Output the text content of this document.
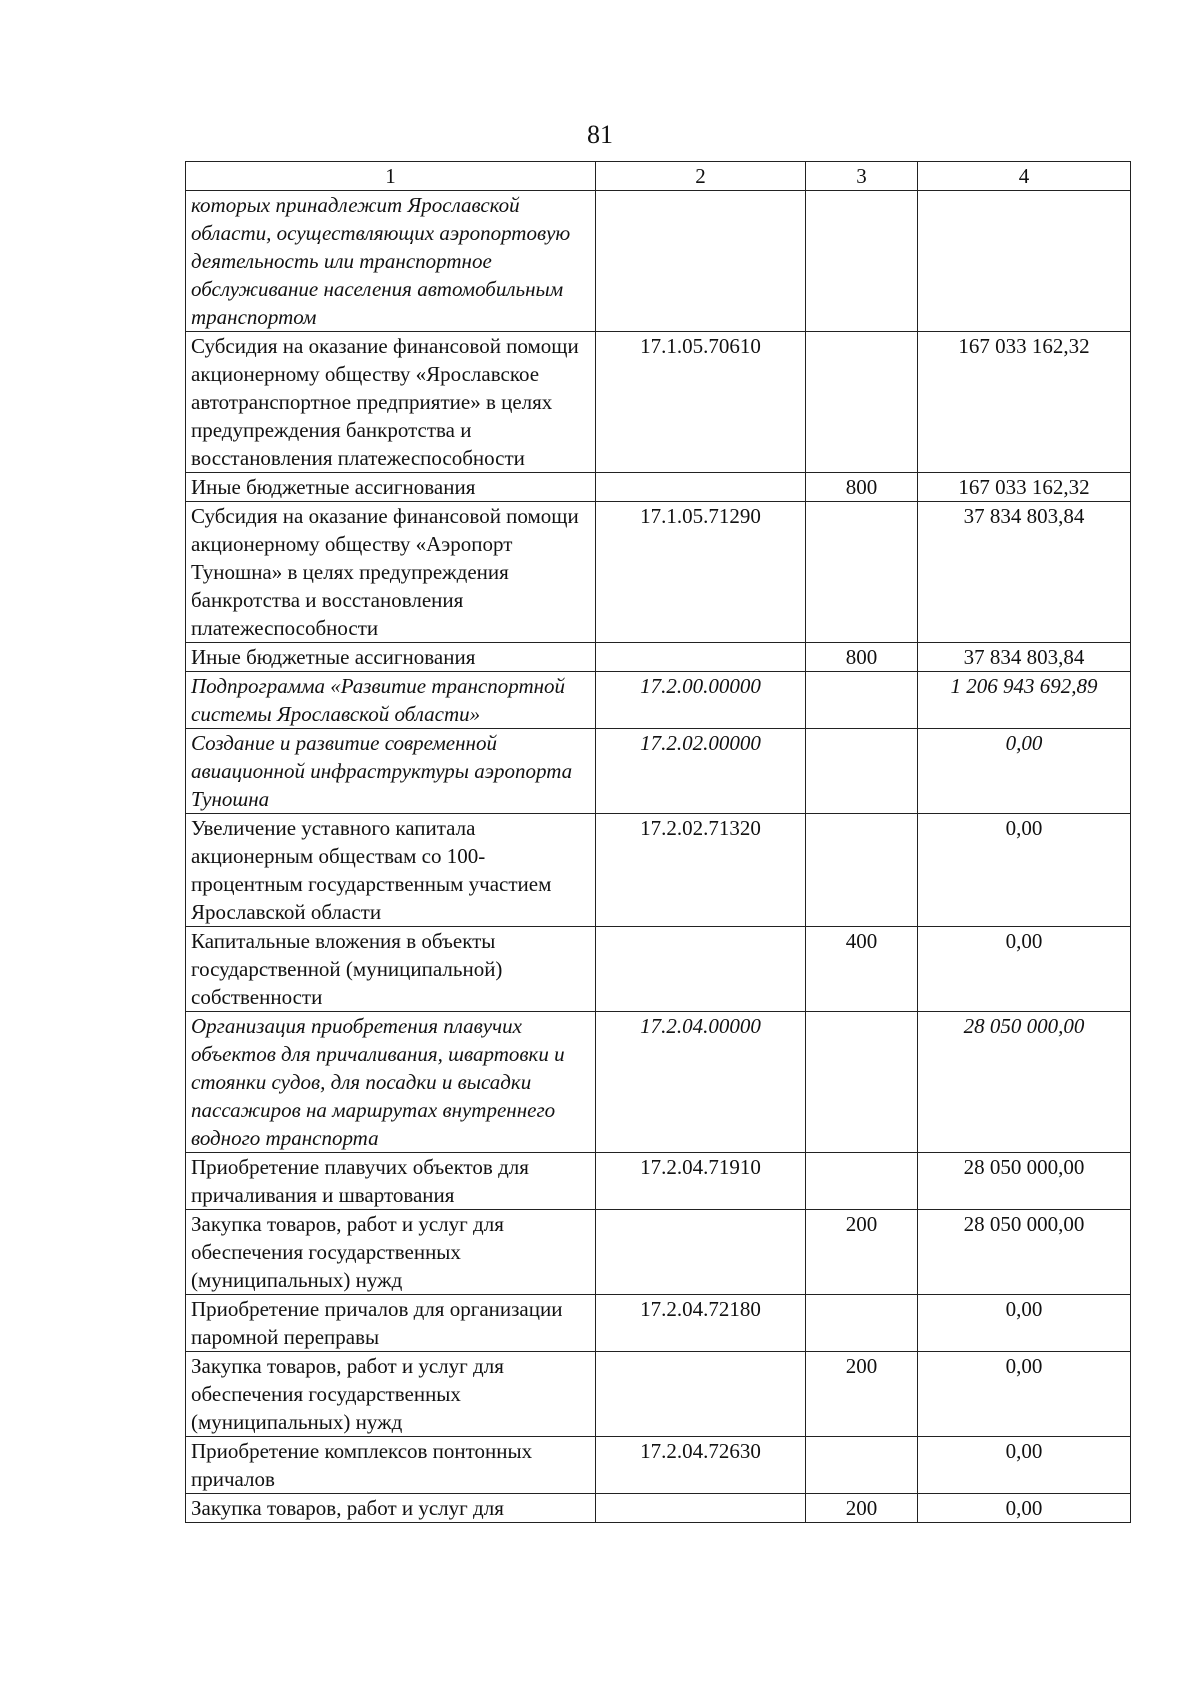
81
1	2	3	4
которых принадлежит Ярославской области, осуществляющих аэропортовую деятельность или транспортное обслуживание населения автомобильным транспортом			
Субсидия на оказание финансовой помощи акционерному обществу «Ярославское автотранспортное предприятие» в целях предупреждения банкротства и восстановления платежеспособности	17.1.05.70610		167 033 162,32
Иные бюджетные ассигнования		800	167 033 162,32
Субсидия на оказание финансовой помощи акционерному обществу «Аэропорт Туношна» в целях предупреждения банкротства и восстановления платежеспособности	17.1.05.71290		37 834 803,84
Иные бюджетные ассигнования		800	37 834 803,84
Подпрограмма «Развитие транспортной системы Ярославской области»	17.2.00.00000		1 206 943 692,89
Создание и развитие современной авиационной инфраструктуры аэропорта Туношна	17.2.02.00000		0,00
Увеличение уставного капитала акционерным обществам со 100-процентным государственным участием Ярославской области	17.2.02.71320		0,00
Капитальные вложения в объекты государственной (муниципальной) собственности		400	0,00
Организация приобретения плавучих объектов для причаливания, швартовки и стоянки судов, для посадки и высадки пассажиров на маршрутах внутреннего водного транспорта	17.2.04.00000		28 050 000,00
Приобретение плавучих объектов для причаливания и швартования	17.2.04.71910		28 050 000,00
Закупка товаров, работ и услуг для обеспечения государственных (муниципальных) нужд		200	28 050 000,00
Приобретение причалов для организации паромной переправы	17.2.04.72180		0,00
Закупка товаров, работ и услуг для обеспечения государственных (муниципальных) нужд		200	0,00
Приобретение комплексов понтонных причалов	17.2.04.72630		0,00
Закупка товаров, работ и услуг для		200	0,00
